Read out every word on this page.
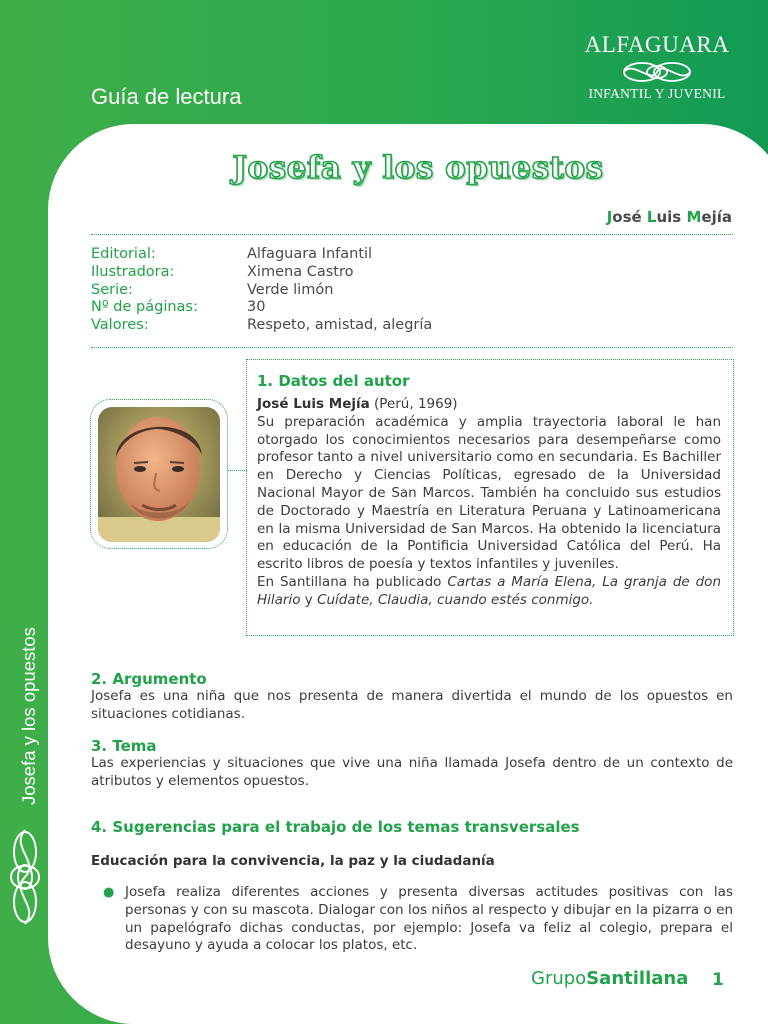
Guía de lectura
ALFAGUARA
INFANTIL Y JUVENIL
Josefa y los opuestos
Josefa y los opuestos
José Luis Mejía
Editorial:	Alfaguara Infantil
Ilustradora:	Ximena Castro
Serie:	Verde limón
Nº de páginas:	30
Valores:	Respeto, amistad, alegría
1. Datos del autor
José Luis Mejía (Perú, 1969)
Su preparación académica y amplia trayectoria laboral le han otorgado los conocimientos necesarios para desempeñarse como profesor tanto a nivel universitario como en secundaria. Es Bachiller en Derecho y Ciencias Políticas, egresado de la Universidad Nacional Mayor de San Marcos. También ha concluido sus estudios de Doctorado y Maestría en Literatura Peruana y Latinoamericana en la misma Universidad de San Marcos. Ha obtenido la licenciatura en educación de la Pontificia Universidad Católica del Perú. Ha escrito libros de poesía y textos infantiles y juveniles.
En Santillana ha publicado Cartas a María Elena, La granja de don Hilario y Cuídate, Claudia, cuando estés conmigo.
2. Argumento

Josefa es una niña que nos presenta de manera divertida el mundo de los opuestos en situaciones cotidianas.

3. Tema

Las experiencias y situaciones que vive una niña llamada Josefa dentro de un contexto de atributos y elementos opuestos.

4. Sugerencias para el trabajo de los temas transversales
Educación para la convivencia, la paz y la ciudadanía
● Josefa realiza diferentes acciones y presenta diversas actitudes positivas con las personas y con su mascota. Dialogar con los niños al respecto y dibujar en la pizarra o en un papelógrafo dichas conductas, por ejemplo: Josefa va feliz al colegio, prepara el desayuno y ayuda a colocar los platos, etc.
GrupoSantillana 1
